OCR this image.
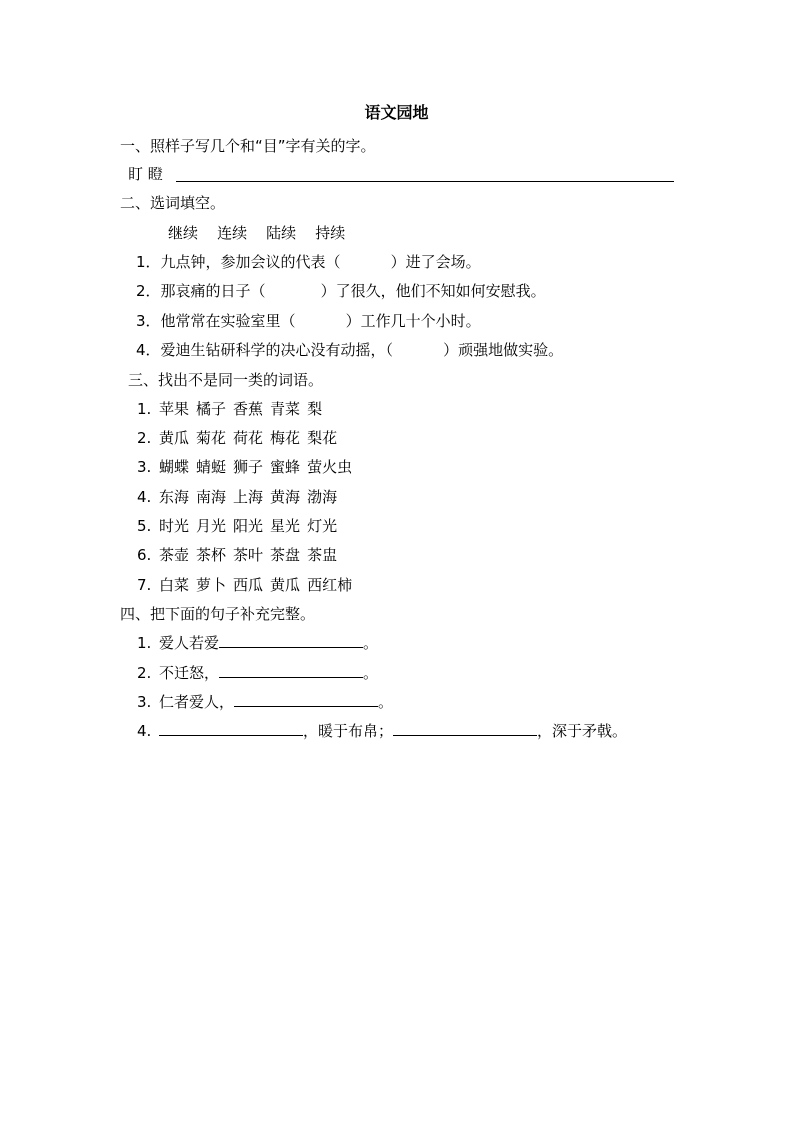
语文园地
一、照样子写几个和“目”字有关的字。
盯 瞪
二、选词填空。
继续    连续    陆续    持续
1．九点钟，参加会议的代表（	）进了会场。
2．那哀痛的日子（	）了很久，他们不知如何安慰我。
3．他常常在实验室里（	）工作几十个小时。
4．爱迪生钻研科学的决心没有动摇，（	）顽强地做实验。
三、找出不是同一类的词语。
1. 苹果 橘子 香蕉 青菜 梨
2. 黄瓜 菊花 荷花 梅花 梨花
3. 蝴蝶 蜻蜓 狮子 蜜蜂 萤火虫
4. 东海 南海 上海 黄海 渤海
5. 时光 月光 阳光 星光 灯光
6. 茶壶 茶杯 茶叶 茶盘 茶盅
7. 白菜 萝卜 西瓜 黄瓜 西红柿
四、把下面的句子补充完整。
1. 爱人若爱	。
2. 不迁怒，	。
3. 仁者爱人，	。
4.	，暖于布帛；	，深于矛戟。
